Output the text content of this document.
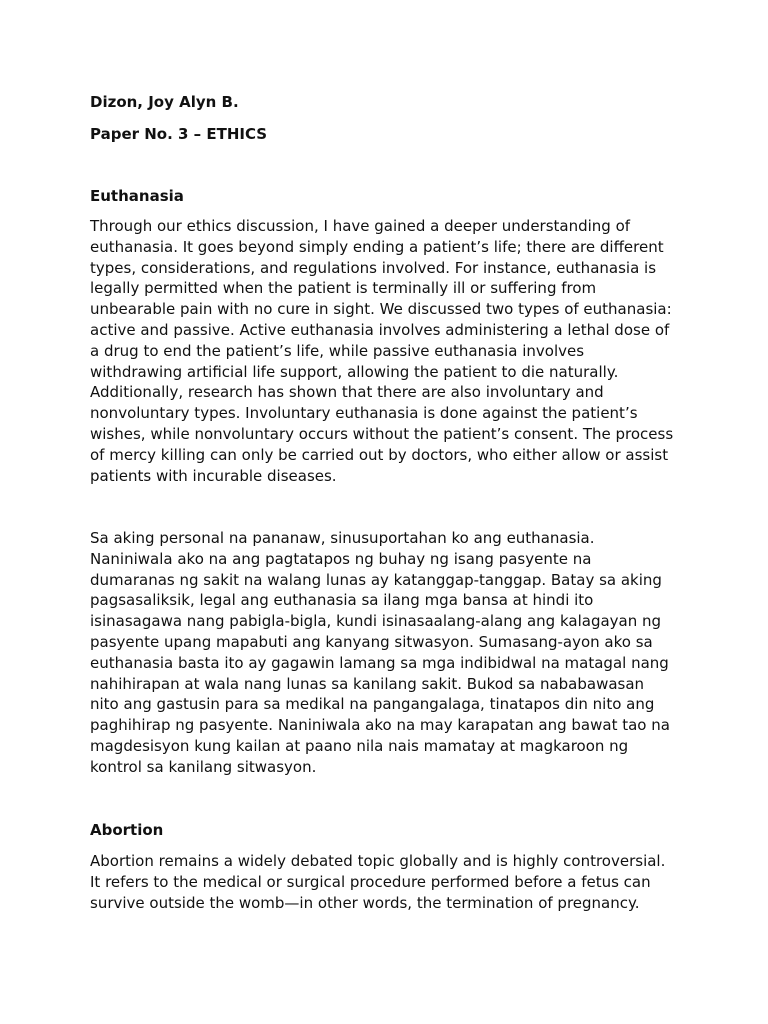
Dizon, Joy Alyn B.
Paper No. 3 – ETHICS
Euthanasia
Through our ethics discussion, I have gained a deeper understanding of
euthanasia. It goes beyond simply ending a patient’s life; there are different
types, considerations, and regulations involved. For instance, euthanasia is
legally permitted when the patient is terminally ill or suffering from
unbearable pain with no cure in sight. We discussed two types of euthanasia:
active and passive. Active euthanasia involves administering a lethal dose of
a drug to end the patient’s life, while passive euthanasia involves
withdrawing artificial life support, allowing the patient to die naturally.
Additionally, research has shown that there are also involuntary and
nonvoluntary types. Involuntary euthanasia is done against the patient’s
wishes, while nonvoluntary occurs without the patient’s consent. The process
of mercy killing can only be carried out by doctors, who either allow or assist
patients with incurable diseases.
Sa aking personal na pananaw, sinusuportahan ko ang euthanasia.
Naniniwala ako na ang pagtatapos ng buhay ng isang pasyente na
dumaranas ng sakit na walang lunas ay katanggap-tanggap. Batay sa aking
pagsasaliksik, legal ang euthanasia sa ilang mga bansa at hindi ito
isinasagawa nang pabigla-bigla, kundi isinasaalang-alang ang kalagayan ng
pasyente upang mapabuti ang kanyang sitwasyon. Sumasang-ayon ako sa
euthanasia basta ito ay gagawin lamang sa mga indibidwal na matagal nang
nahihirapan at wala nang lunas sa kanilang sakit. Bukod sa nababawasan
nito ang gastusin para sa medikal na pangangalaga, tinatapos din nito ang
paghihirap ng pasyente. Naniniwala ako na may karapatan ang bawat tao na
magdesisyon kung kailan at paano nila nais mamatay at magkaroon ng
kontrol sa kanilang sitwasyon.
Abortion
Abortion remains a widely debated topic globally and is highly controversial.
It refers to the medical or surgical procedure performed before a fetus can
survive outside the womb—in other words, the termination of pregnancy.
